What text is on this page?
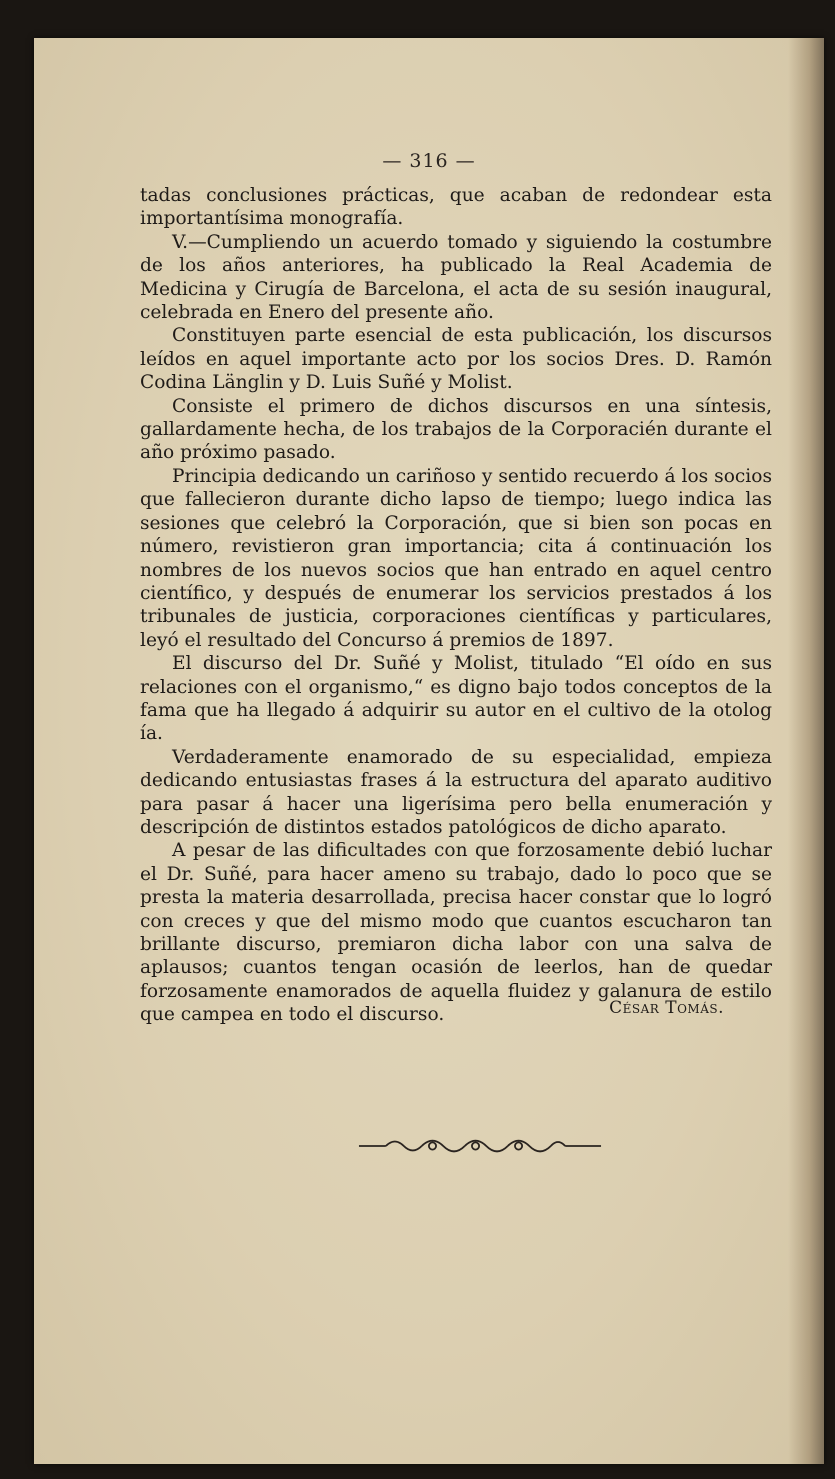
— 316 —

tadas conclusiones prácticas, que acaban de redondear esta importantísima monografía.

V.—Cumpliendo un acuerdo tomado y siguiendo la costumbre de los años anteriores, ha publicado la Real Academia de Medicina y Cirugía de Barcelona, el acta de su sesión inaugural, celebrada en Enero del presente año.

Constituyen parte esencial de esta publicación, los discursos leídos en aquel importante acto por los socios Dres. D. Ramón Codina Länglin y D. Luis Suñé y Molist.

Consiste el primero de dichos discursos en una síntesis, gallardamente hecha, de los trabajos de la Corporacién durante el año próximo pasado.

Principia dedicando un cariñoso y sentido recuerdo á los socios que fallecieron durante dicho lapso de tiempo; luego indica las sesiones que celebró la Corporación, que si bien son pocas en número, revistieron gran importancia; cita á continuación los nombres de los nuevos socios que han entrado en aquel centro científico, y después de enumerar los servicios prestados á los tribunales de justicia, corporaciones científicas y particulares, leyó el resultado del Concurso á premios de 1897.

El discurso del Dr. Suñé y Molist, titulado “El oído en sus relaciones con el organismo,“ es digno bajo todos conceptos de la fama que ha llegado á adquirir su autor en el cultivo de la otolog ía.

Verdaderamente enamorado de su especialidad, empieza dedicando entusiastas frases á la estructura del aparato auditivo para pasar á hacer una ligerísima pero bella enumeración y descripción de distintos estados patológicos de dicho aparato.

A pesar de las dificultades con que forzosamente debió luchar el Dr. Suñé, para hacer ameno su trabajo, dado lo poco que se presta la materia desarrollada, precisa hacer constar que lo logró con creces y que del mismo modo que cuantos escucharon tan brillante discurso, premiaron dicha labor con una salva de aplausos; cuantos tengan ocasión de leerlos, han de quedar forzosamente enamorados de aquella fluidez y galanura de estilo que campea en todo el discurso.	César Tomás.
